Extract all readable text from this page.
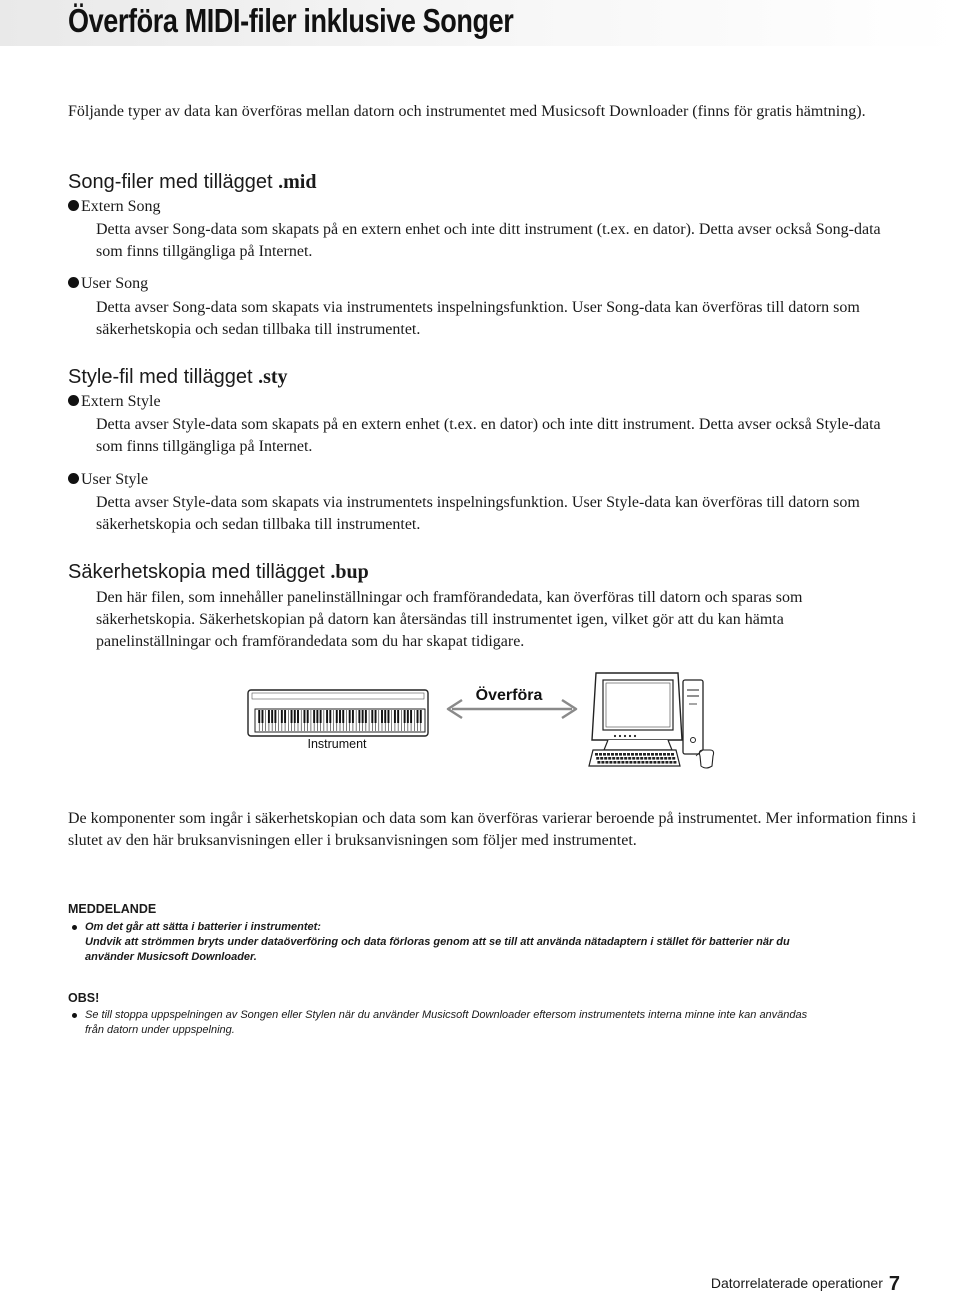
Överföra MIDI-filer inklusive Songer
Följande typer av data kan överföras mellan datorn och instrumentet med Musicsoft Downloader (finns för gratis hämtning).
Song-filer med tillägget .mid
Extern Song
Detta avser Song-data som skapats på en extern enhet och inte ditt instrument (t.ex. en dator). Detta avser också Song-data som finns tillgängliga på Internet.
User Song
Detta avser Song-data som skapats via instrumentets inspelningsfunktion. User Song-data kan överföras till datorn som säkerhetskopia och sedan tillbaka till instrumentet.
Style-fil med tillägget .sty
Extern Style
Detta avser Style-data som skapats på en extern enhet (t.ex. en dator) och inte ditt instrument. Detta avser också Style-data som finns tillgängliga på Internet.
User Style
Detta avser Style-data som skapats via instrumentets inspelningsfunktion. User Style-data kan överföras till datorn som säkerhetskopia och sedan tillbaka till instrumentet.
Säkerhetskopia med tillägget .bup
Den här filen, som innehåller panelinställningar och framförandedata, kan överföras till datorn och sparas som säkerhetskopia. Säkerhetskopian på datorn kan återsändas till instrumentet igen, vilket gör att du kan hämta panelinställningar och framförandedata som du har skapat tidigare.
Instrument
Överföra
De komponenter som ingår i säkerhetskopian och data som kan överföras varierar beroende på instrumentet. Mer information finns i slutet av den här bruksanvisningen eller i bruksanvisningen som följer med instrumentet.
MEDDELANDE
Om det går att sätta i batterier i instrumentet:
Undvik att strömmen bryts under dataöverföring och data förloras genom att se till att använda nätadaptern i stället för batterier när du använder Musicsoft Downloader.
OBS!
Se till stoppa uppspelningen av Songen eller Stylen när du använder Musicsoft Downloader eftersom instrumentets interna minne inte kan användas från datorn under uppspelning.
Datorrelaterade operationer 7
